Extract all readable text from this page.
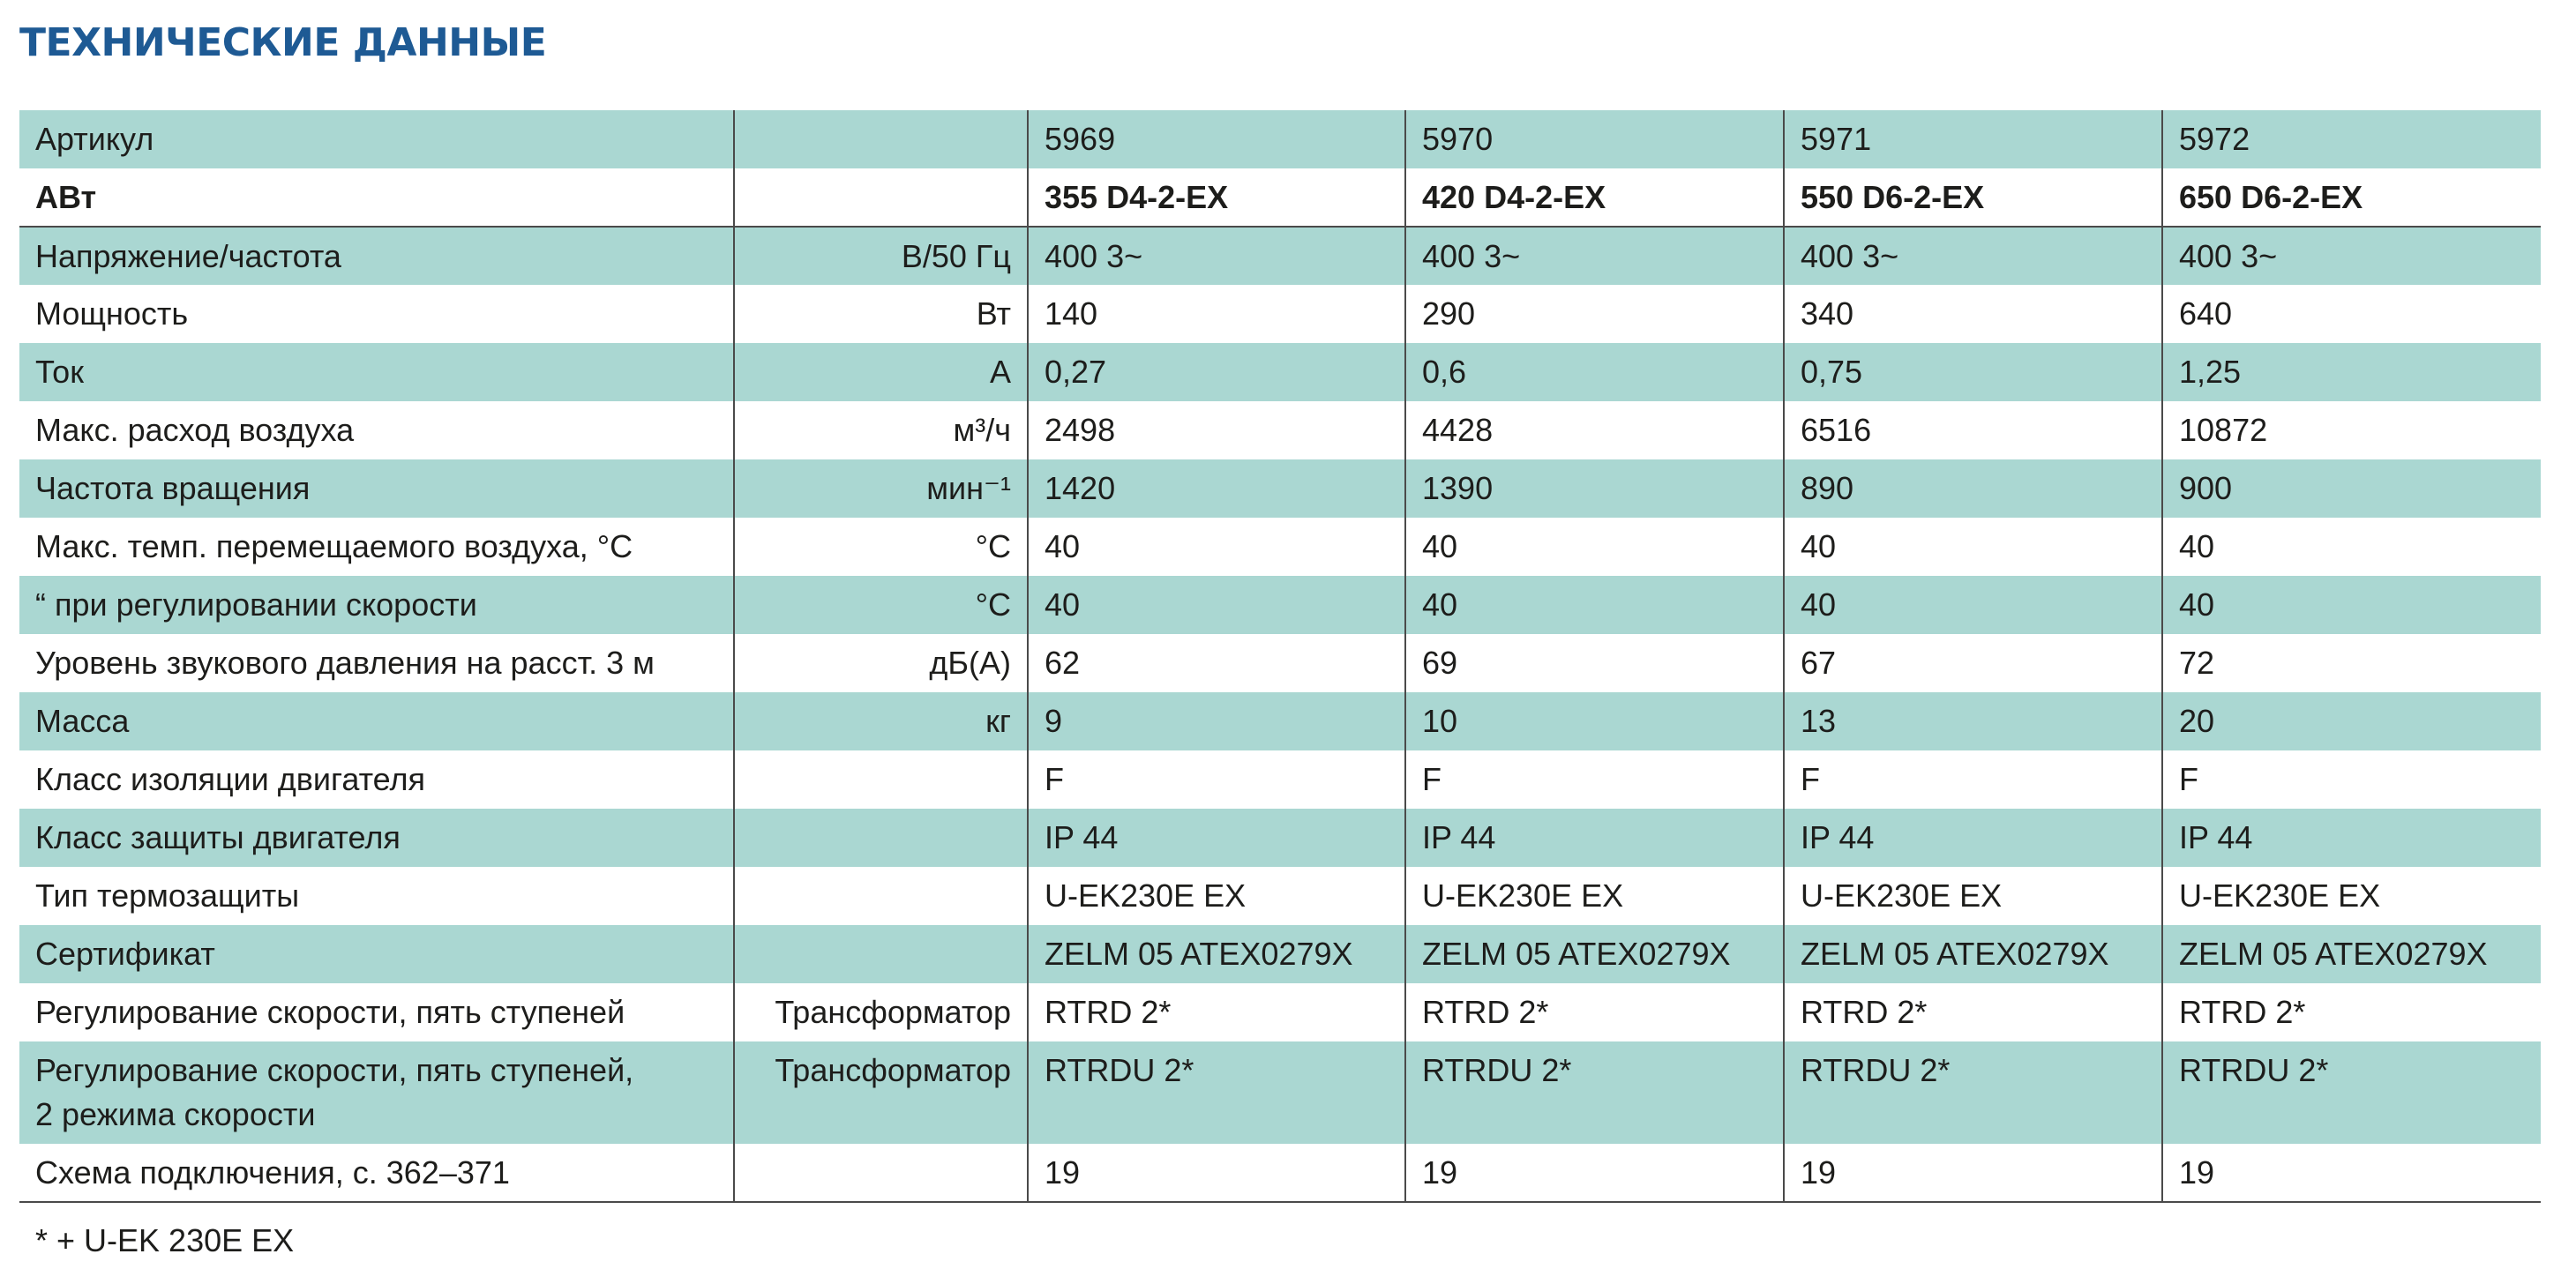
ТЕХНИЧЕСКИЕ ДАННЫЕ
Артикул		5969	5970	5971	5972
АВт		355 D4-2-EX	420 D4-2-EX	550 D6-2-EX	650 D6-2-EX
Напряжение/частота	В/50 Гц	400 3~	400 3~	400 3~	400 3~
Мощность	Вт	140	290	340	640
Ток	А	0,27	0,6	0,75	1,25
Макс. расход воздуха	м³/ч	2498	4428	6516	10872
Частота вращения	мин⁻¹	1420	1390	890	900
Макс. темп. перемещаемого воздуха, °С	°С	40	40	40	40
“ при регулировании скорости	°С	40	40	40	40
Уровень звукового давления на расст. 3 м	дБ(А)	62	69	67	72
Масса	кг	9	10	13	20
Класс изоляции двигателя		F	F	F	F
Класс защиты двигателя		IP 44	IP 44	IP 44	IP 44
Тип термозащиты		U-EK230E EX	U-EK230E EX	U-EK230E EX	U-EK230E EX
Сертификат		ZELM 05 ATEX0279X	ZELM 05 ATEX0279X	ZELM 05 ATEX0279X	ZELM 05 ATEX0279X
Регулирование скорости, пять ступеней	Трансформатор	RTRD 2*	RTRD 2*	RTRD 2*	RTRD 2*

Регулирование скорости, пять ступеней,
2 режима скорости	Трансформатор	RTRDU 2*	RTRDU 2*	RTRDU 2*	RTRDU 2*
Схема подключения, с. 362–371		19	19	19	19
* + U-EK 230E EX
